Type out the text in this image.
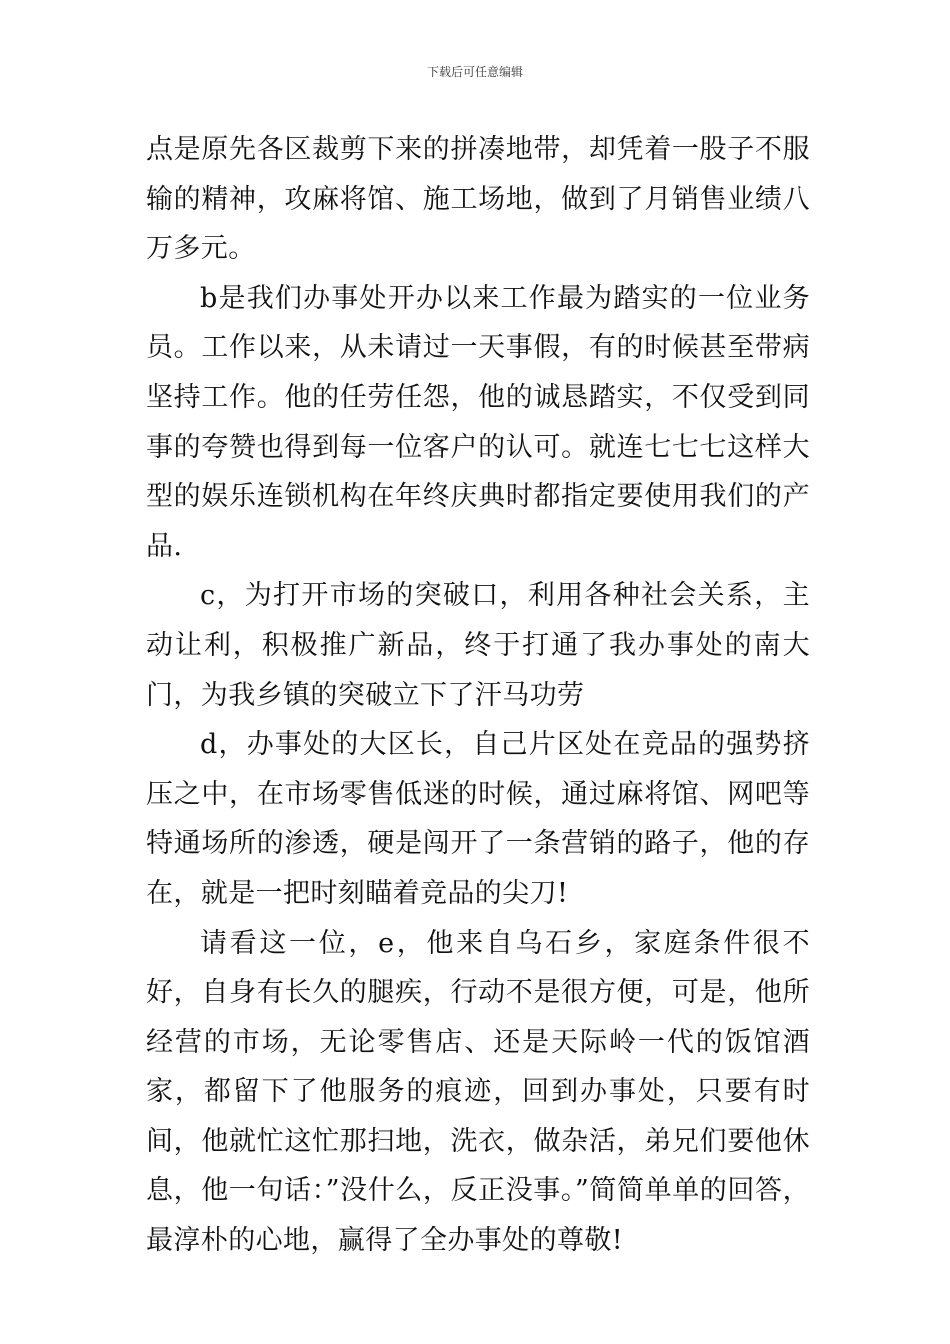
下载后可任意编辑

点是原先各区裁剪下来的拼凑地带，却凭着一股子不服输的精神，攻麻将馆、施工场地，做到了月销售业绩八万多元。

b是我们办事处开办以来工作最为踏实的一位业务员。工作以来，从未请过一天事假，有的时候甚至带病坚持工作。他的任劳任怨，他的诚恳踏实，不仅受到同事的夸赞也得到每一位客户的认可。就连七七七这样大型的娱乐连锁机构在年终庆典时都指定要使用我们的产品.

c，为打开市场的突破口，利用各种社会关系，主动让利，积极推广新品，终于打通了我办事处的南大门，为我乡镇的突破立下了汗马功劳

d，办事处的大区长，自己片区处在竞品的强势挤压之中，在市场零售低迷的时候，通过麻将馆、网吧等特通场所的渗透，硬是闯开了一条营销的路子，他的存在，就是一把时刻瞄着竞品的尖刀!

请看这一位，e，他来自乌石乡，家庭条件很不好，自身有长久的腿疾，行动不是很方便，可是，他所经营的市场，无论零售店、还是天际岭一代的饭馆酒家，都留下了他服务的痕迹，回到办事处，只要有时间，他就忙这忙那扫地，洗衣，做杂活，弟兄们要他休息，他一句话：”没什么，反正没事。”简简单单的回答，最淳朴的心地，赢得了全办事处的尊敬!
